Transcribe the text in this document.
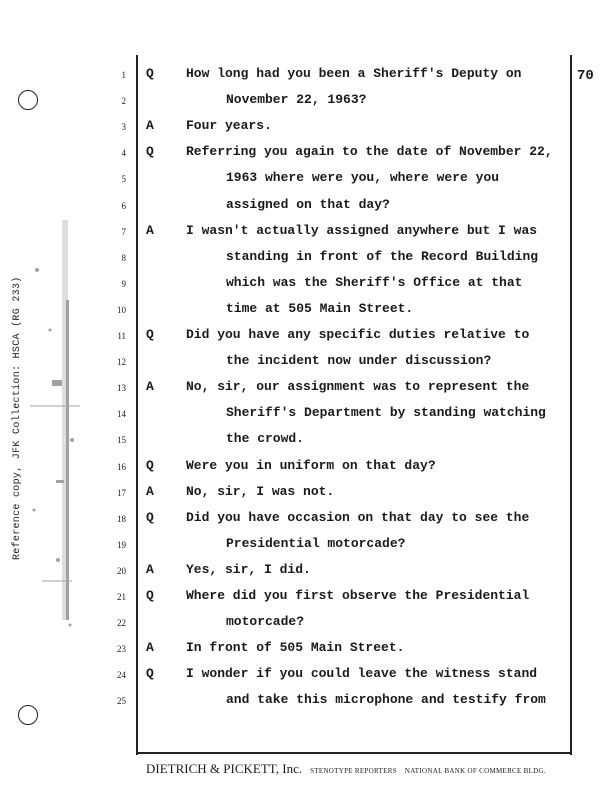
Reference copy, JFK Collection: HSCA (RG 233)
70
1 Q How long had you been a Sheriff's Deputy on
2	November 22, 1963?
3 A Four years.
4 Q Referring you again to the date of November 22,
5	1963 where were you, where were you
6	assigned on that day?
7 A I wasn't actually assigned anywhere but I was
8	standing in front of the Record Building
9	which was the Sheriff's Office at that
10	time at 505 Main Street.
11 Q Did you have any specific duties relative to
12	the incident now under discussion?
13 A No, sir, our assignment was to represent the
14	Sheriff's Department by standing watching
15	the crowd.
16 Q Were you in uniform on that day?
17 A No, sir, I was not.
18 Q Did you have occasion on that day to see the
19	Presidential motorcade?
20 A Yes, sir, I did.
21 Q Where did you first observe the Presidential
22	motorcade?
23 A In front of 505 Main Street.
24 Q I wonder if you could leave the witness stand
25	and take this microphone and testify from
DIETRICH & PICKETT, Inc. STENOTYPE REPORTERS NATIONAL BANK OF COMMERCE BLDG.
